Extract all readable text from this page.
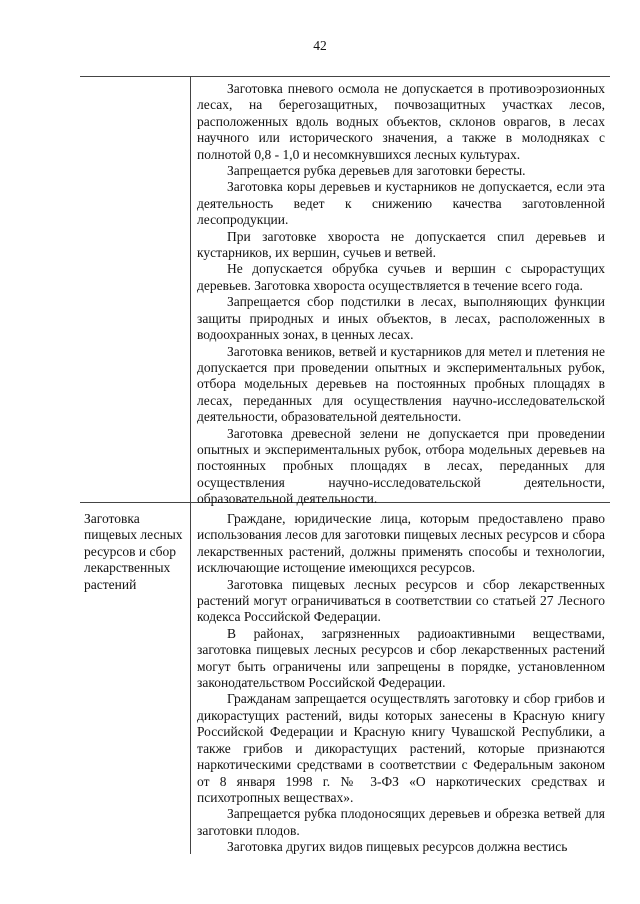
42

Заготовка пневого осмола не допускается в противоэрозионных лесах, на берегозащитных, почвозащитных участках лесов, расположенных вдоль водных объектов, склонов оврагов, в лесах научного или исторического значения, а также в молодняках с полнотой 0,8 - 1,0 и несомкнувшихся лесных культурах.

Запрещается рубка деревьев для заготовки бересты.

Заготовка коры деревьев и кустарников не допускается, если эта деятельность ведет к снижению качества заготовленной лесопродукции.

При заготовке хвороста не допускается спил деревьев и кустарников, их вершин, сучьев и ветвей.

Не допускается обрубка сучьев и вершин с сырорастущих деревьев. Заготовка хвороста осуществляется в течение всего года.

Запрещается сбор подстилки в лесах, выполняющих функции защиты природных и иных объектов, в лесах, расположенных в водоохранных зонах, в ценных лесах.

Заготовка веников, ветвей и кустарников для метел и плетения не допускается при проведении опытных и экспериментальных рубок, отбора модельных деревьев на постоянных пробных площадях в лесах, переданных для осуществления научно-исследовательской деятельности, образовательной деятельности.

Заготовка древесной зелени не допускается при проведении опытных и экспериментальных рубок, отбора модельных деревьев на постоянных пробных площадях в лесах, переданных для осуществления научно-исследовательской деятельности, образовательной деятельности.

Заготовка пищевых лесных ресурсов и сбор лекарственных растений

Граждане, юридические лица, которым предоставлено право использования лесов для заготовки пищевых лесных ресурсов и сбора лекарственных растений, должны применять способы и технологии, исключающие истощение имеющихся ресурсов.

Заготовка пищевых лесных ресурсов и сбор лекарственных растений могут ограничиваться в соответствии со статьей 27 Лесного кодекса Российской Федерации.

В районах, загрязненных радиоактивными веществами, заготовка пищевых лесных ресурсов и сбор лекарственных растений могут быть ограничены или запрещены в порядке, установленном законодательством Российской Федерации.

Гражданам запрещается осуществлять заготовку и сбор грибов и дикорастущих растений, виды которых занесены в Красную книгу Российской Федерации и Красную книгу Чувашской Республики, а также грибов и дикорастущих растений, которые признаются наркотическими средствами в соответствии с Федеральным законом от 8 января 1998 г. № 3-ФЗ «О наркотических средствах и психотропных веществах».

Запрещается рубка плодоносящих деревьев и обрезка ветвей для заготовки плодов.

Заготовка других видов пищевых ресурсов должна вестись
